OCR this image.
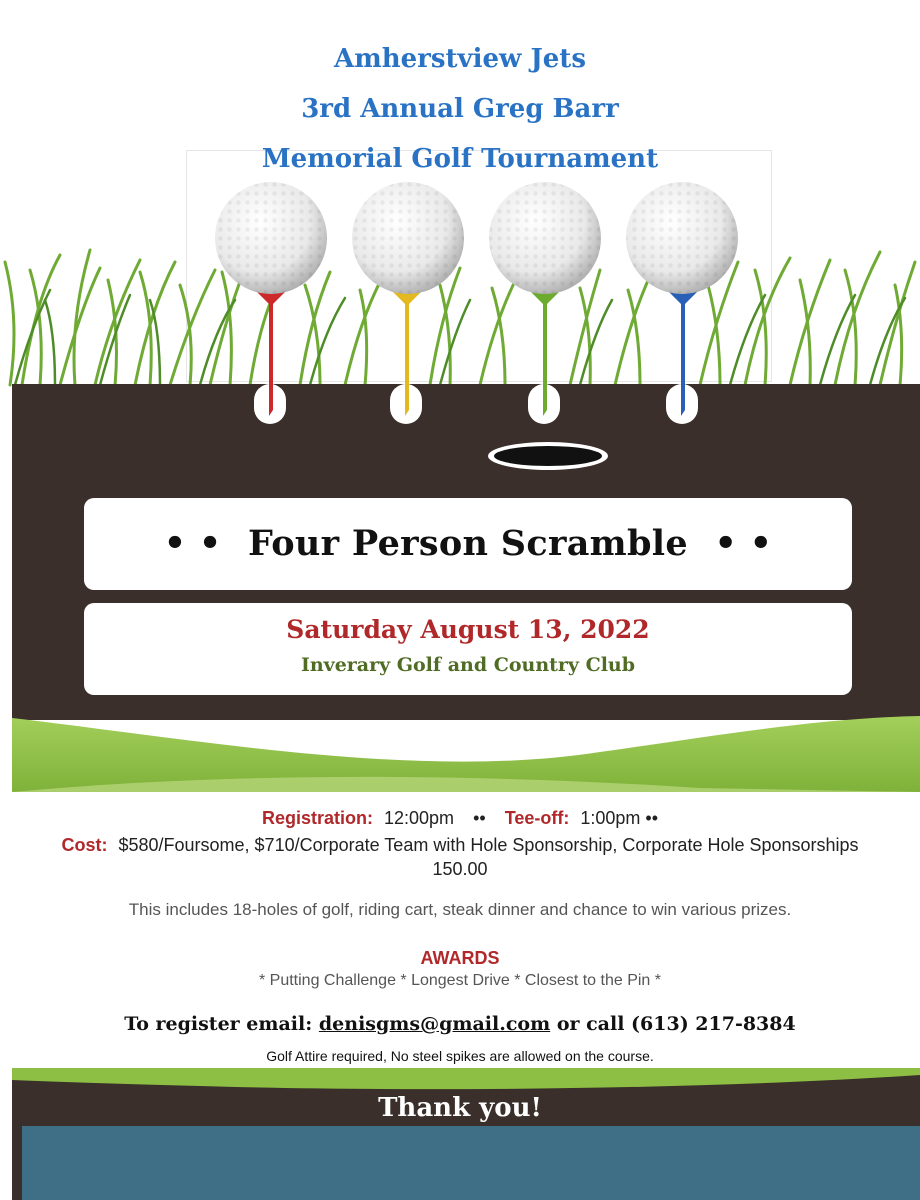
Amherstview Jets
3rd Annual Greg Barr
Memorial Golf Tournament
• • Four Person Scramble • •
Saturday August 13, 2022
Inverary Golf and Country Club
Registration: 12:00pm •• Tee-off: 1:00pm ••
Cost: $580/Foursome, $710/Corporate Team with Hole Sponsorship, Corporate Hole Sponsorships 150.00
This includes 18-holes of golf, riding cart, steak dinner and chance to win various prizes.
AWARDS
* Putting Challenge * Longest Drive * Closest to the Pin *
To register email: denisgms@gmail.com or call (613) 217-8384
Golf Attire required, No steel spikes are allowed on the course.
Thank you!
